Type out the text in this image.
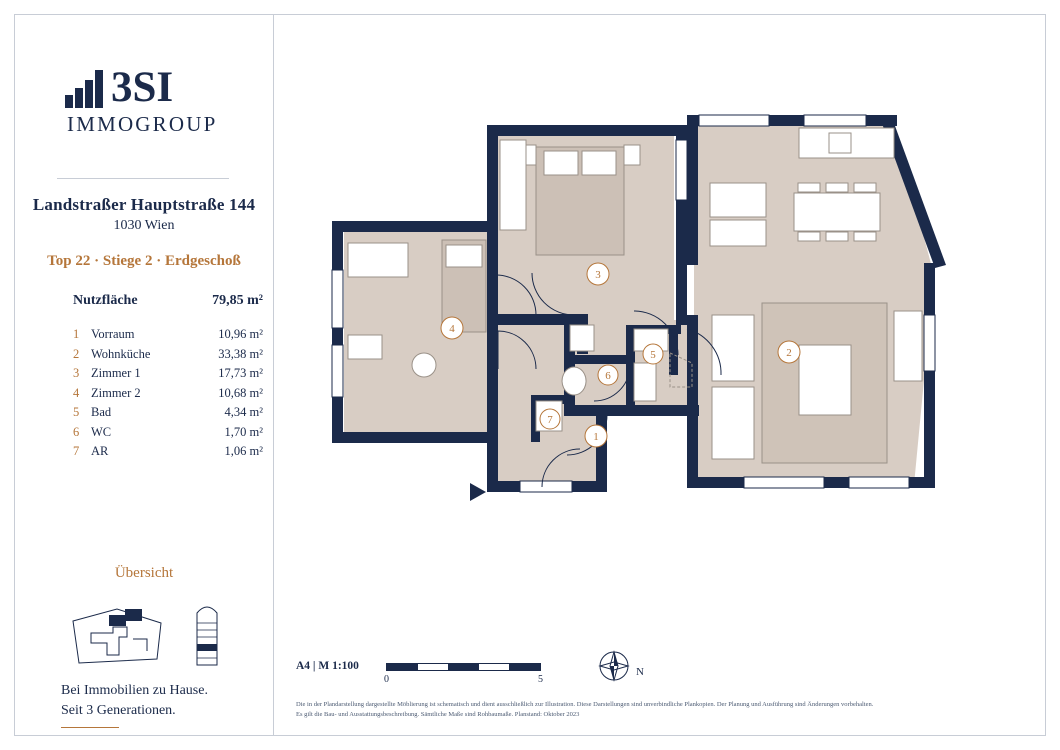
3SI
IMMOGROUP
Landstraßer Hauptstraße 144
1030 Wien
Top 22 · Stiege 2 · Erdgeschoß
Nutzfläche	79,85 m²
1 Vorraum	10,96 m²
2 Wohnküche	33,38 m²
3 Zimmer 1	17,73 m²
4 Zimmer 2	10,68 m²
5 Bad	4,34 m²
6 WC	1,70 m²
7 AR	1,06 m²
Übersicht
Bei Immobilien zu Hause.
Seit 3 Generationen.
1
2
3
4
5
6
7
A4 | M 1:100
0	5
N
Die in der Plandarstellung dargestellte Möblierung ist schematisch und dient ausschließlich zur Illustration. Diese Darstellungen sind unverbindliche Plankopien. Der Planung und Ausführung sind Änderungen vorbehalten.
Es gilt die Bau- und Ausstattungsbeschreibung. Sämtliche Maße sind Rohbaumaße. Planstand: Oktober 2023
